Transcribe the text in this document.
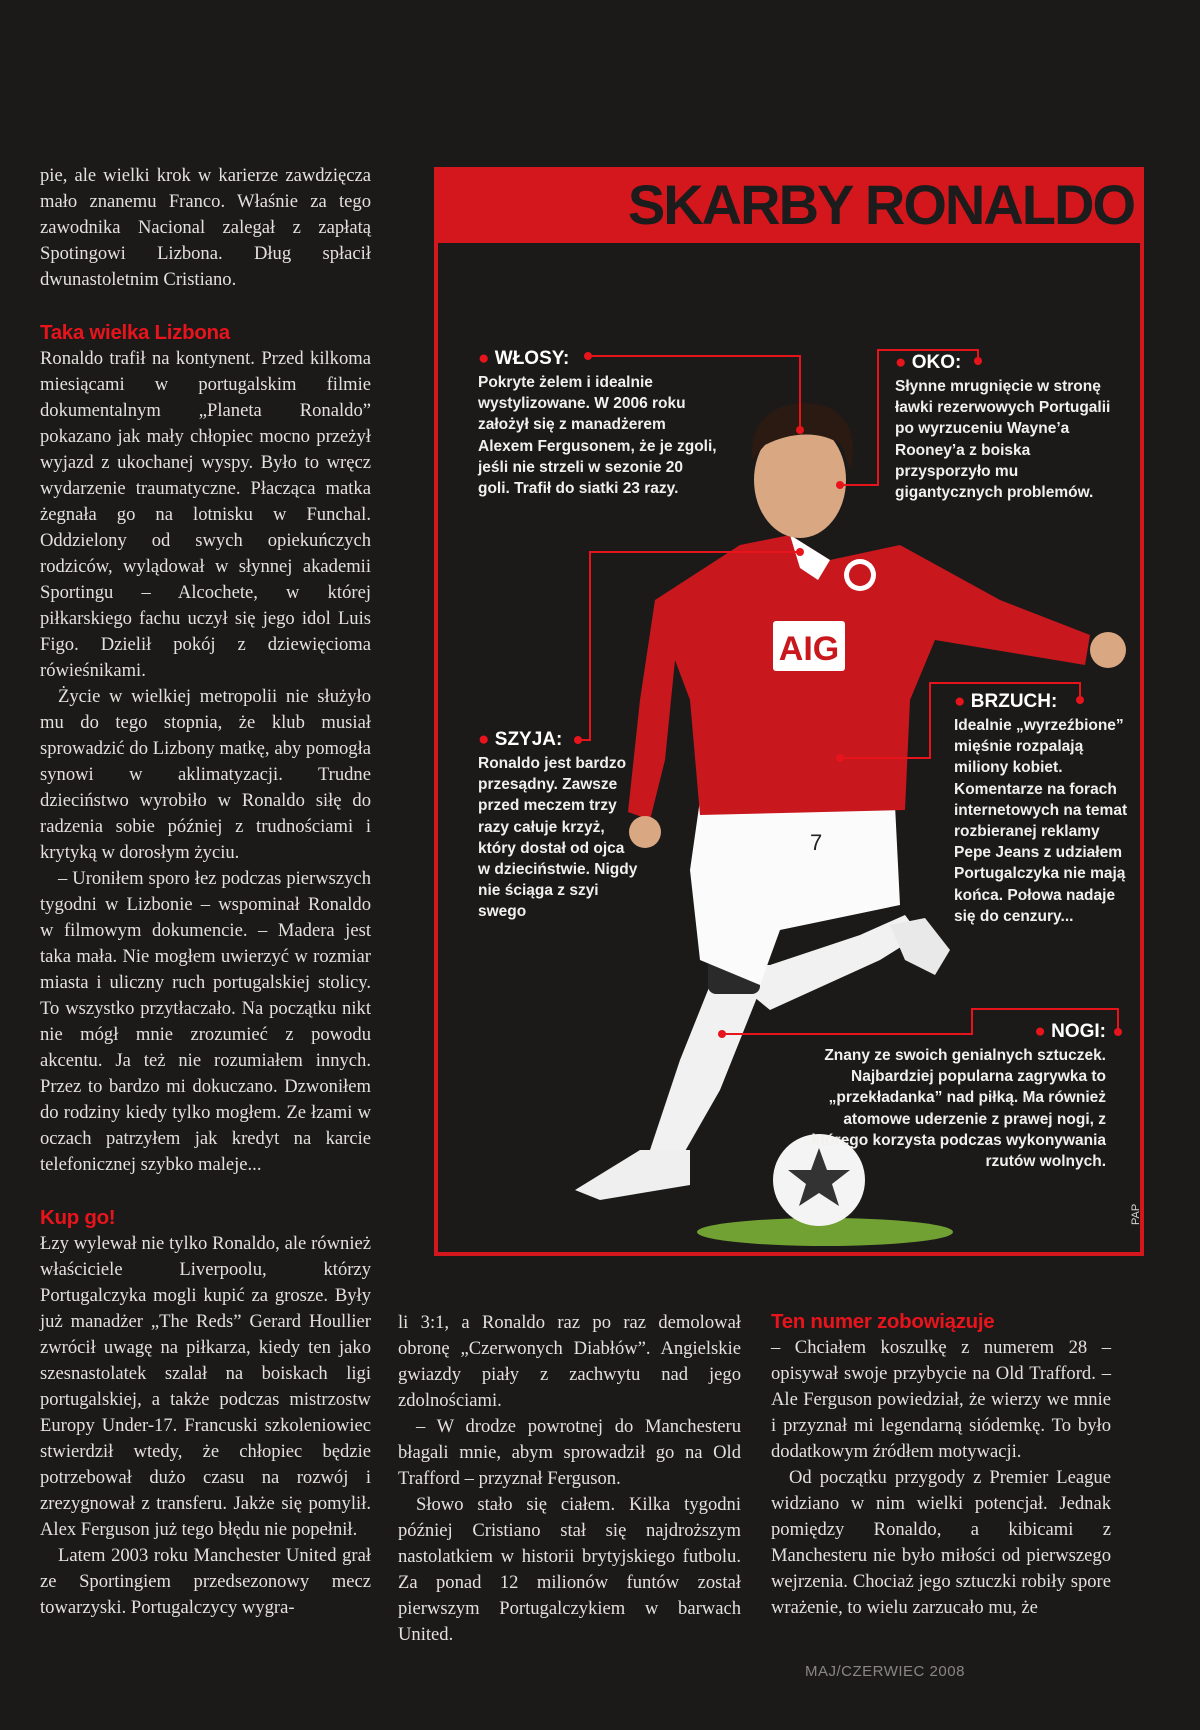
pie, ale wielki krok w karierze zawdzięcza mało znanemu Franco. Właśnie za tego zawodnika Nacional zalegał z zapłatą Spotingowi Lizbona. Dług spłacił dwunastoletnim Cristiano.

Taka wielka Lizbona

Ronaldo trafił na kontynent. Przed kilkoma miesiącami w portugalskim filmie dokumentalnym „Planeta Ronaldo” pokazano jak mały chłopiec mocno przeżył wyjazd z ukochanej wyspy. Było to wręcz wydarzenie traumatyczne. Płacząca matka żegnała go na lotnisku w Funchal. Oddzielony od swych opiekuńczych rodziców, wylądował w słynnej akademii Sportingu – Alcochete, w której piłkarskiego fachu uczył się jego idol Luis Figo. Dzielił pokój z dziewięcioma rówieśnikami.

Życie w wielkiej metropolii nie służyło mu do tego stopnia, że klub musiał sprowadzić do Lizbony matkę, aby pomogła synowi w aklimatyzacji. Trudne dzieciństwo wyrobiło w Ronaldo siłę do radzenia sobie później z trudnościami i krytyką w dorosłym życiu.

– Uroniłem sporo łez podczas pierwszych tygodni w Lizbonie – wspominał Ronaldo w filmowym dokumencie. – Madera jest taka mała. Nie mogłem uwierzyć w rozmiar miasta i uliczny ruch portugalskiej stolicy. To wszystko przytłaczało. Na początku nikt nie mógł mnie zrozumieć z powodu akcentu. Ja też nie rozumiałem innych. Przez to bardzo mi dokuczano. Dzwoniłem do rodziny kiedy tylko mogłem. Ze łzami w oczach patrzyłem jak kredyt na karcie telefonicznej szybko maleje...

Kup go!

Łzy wylewał nie tylko Ronaldo, ale również właściciele Liverpoolu, którzy Portugalczyka mogli kupić za grosze. Były już manadżer „The Reds” Gerard Houllier zwrócił uwagę na piłkarza, kiedy ten jako szesnastolatek szalał na boiskach ligi portugalskiej, a także podczas mistrzostw Europy Under-17. Francuski szkoleniowiec stwierdził wtedy, że chłopiec będzie potrzebował dużo czasu na rozwój i zrezygnował z transferu. Jakże się pomylił. Alex Ferguson już tego błędu nie popełnił.

Latem 2003 roku Manchester United grał ze Sportingiem przedsezonowy mecz towarzyski. Portugalczycy wygra-

SKARBY RONALDO
7
AIG
● WŁOSY:

Pokryte żelem i idealnie wystylizowane. W 2006 roku założył się z manadżerem Alexem Fergusonem, że je zgoli, jeśli nie strzeli w sezonie 20 goli. Trafił do siatki 23 razy.

● OKO:

Słynne mrugnięcie w stronę ławki rezerwowych Portugalii po wyrzuceniu Wayne’a Rooney’a z boiska przysporzyło mu gigantycznych problemów.

● SZYJA:

Ronaldo jest bardzo przesądny. Zawsze przed meczem trzy razy całuje krzyż, który dostał od ojca w dzieciństwie. Nigdy nie ściąga z szyi swego

● BRZUCH:

Idealnie „wyrzeźbione” mięśnie rozpalają miliony kobiet. Komentarze na forach internetowych na temat rozbieranej reklamy Pepe Jeans z udziałem Portugalczyka nie mają końca. Połowa nadaje się do cenzury...

● NOGI:

Znany ze swoich genialnych sztuczek. Najbardziej popularna zagrywka to „przekładanka” nad piłką. Ma również atomowe uderzenie z prawej nogi, z którego korzysta podczas wykonywania rzutów wolnych.

PAP

li 3:1, a Ronaldo raz po raz demolował obronę „Czerwonych Diabłów”. Angielskie gwiazdy piały z zachwytu nad jego zdolnościami.

– W drodze powrotnej do Manchesteru błagali mnie, abym sprowadził go na Old Trafford – przyznał Ferguson.

Słowo stało się ciałem. Kilka tygodni później Cristiano stał się najdroższym nastolatkiem w historii brytyjskiego futbolu. Za ponad 12 milionów funtów został pierwszym Portugalczykiem w barwach United.

Ten numer zobowiązuje

– Chciałem koszulkę z numerem 28 – opisywał swoje przybycie na Old Trafford. – Ale Ferguson powiedział, że wierzy we mnie i przyznał mi legendarną siódemkę. To było dodatkowym źródłem motywacji.

Od początku przygody z Premier League widziano w nim wielki potencjał. Jednak pomiędzy Ronaldo, a kibicami z Manchesteru nie było miłości od pierwszego wejrzenia. Chociaż jego sztuczki robiły spore wrażenie, to wielu zarzucało mu, że

MAJ/CZERWIEC 2008
